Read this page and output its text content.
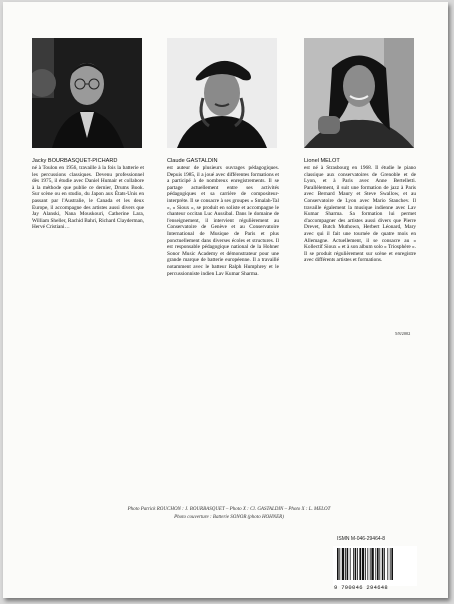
Jacky BOURBASQUET-PICHARD
né à Toulon en 1956, travaille à la fois la batterie et les percussions classiques. Devenu professionnel dès 1975, il étudie avec Daniel Humair et collabore à la méthode que publie ce dernier, Drums Book. Sur scène ou en studio, du Japon aux États-Unis en passant par l'Australie, le Canada et les deux Europe, il accompagne des artistes aussi divers que Jay Alanski, Nana Mouskouri, Catherine Lara, William Sheller, Rachid Bahri, Richard Clayderman, Hervé Cristiani…
Claude GASTALDIN
est auteur de plusieurs ouvrages pédagogiques. Depuis 1985, il a joué avec différentes formations et a participé à de nombreux enregistrements. Il se partage actuellement entre ses activités pédagogiques et sa carrière de compositeur-interprète. Il se consacre à ses groupes « Smalah-Tal », « Sioux », se produit en soliste et accompagne le chanteur occitan Luc Aussibal. Dans le domaine de l'enseignement, il intervient régulièrement au Conservatoire de Genève et au Conservatoire International de Musique de Paris et plus ponctuellement dans diverses écoles et structures. Il est responsable pédagogique national de la Hohner Sonor Music Academy et démonstrateur pour une grande marque de batterie européenne. Il a travaillé notamment avec le batteur Ralph Humphrey et le percussionniste indien Lav Kumar Sharma.
Lionel MELOT
est né à Strasbourg en 1968. Il étudie le piano classique aux conservatoires de Grenoble et de Lyon, et à Paris avec Anne Bertelletti. Parallèlement, il suit une formation de jazz à Paris avec Bernard Maury et Steve Swallow, et au Conservatoire de Lyon avec Mario Stanchev. Il travaille également la musique indienne avec Lav Kumar Sharma. Sa formation lui permet d'accompagner des artistes aussi divers que Pierre Drevet, Butch Muthown, Herbert Léonard, Mary avec qui il fait une tournée de quatre mois en Allemagne. Actuellement, il se consacre au « Kollectif Sioux » et à son album solo « Triosphère ». Il se produit régulièrement sur scène et enregistre avec différents artistes et formations.
5/8/2002
Photo Patrick ROUCHON : J. BOURBASQUET – Photo X : Cl. GASTALDIN – Photo X : L. MELOT
Photo couverture : Batterie SONOR (photo HOHNER)
ISMN M-046-29464-8
9 790046 294648
